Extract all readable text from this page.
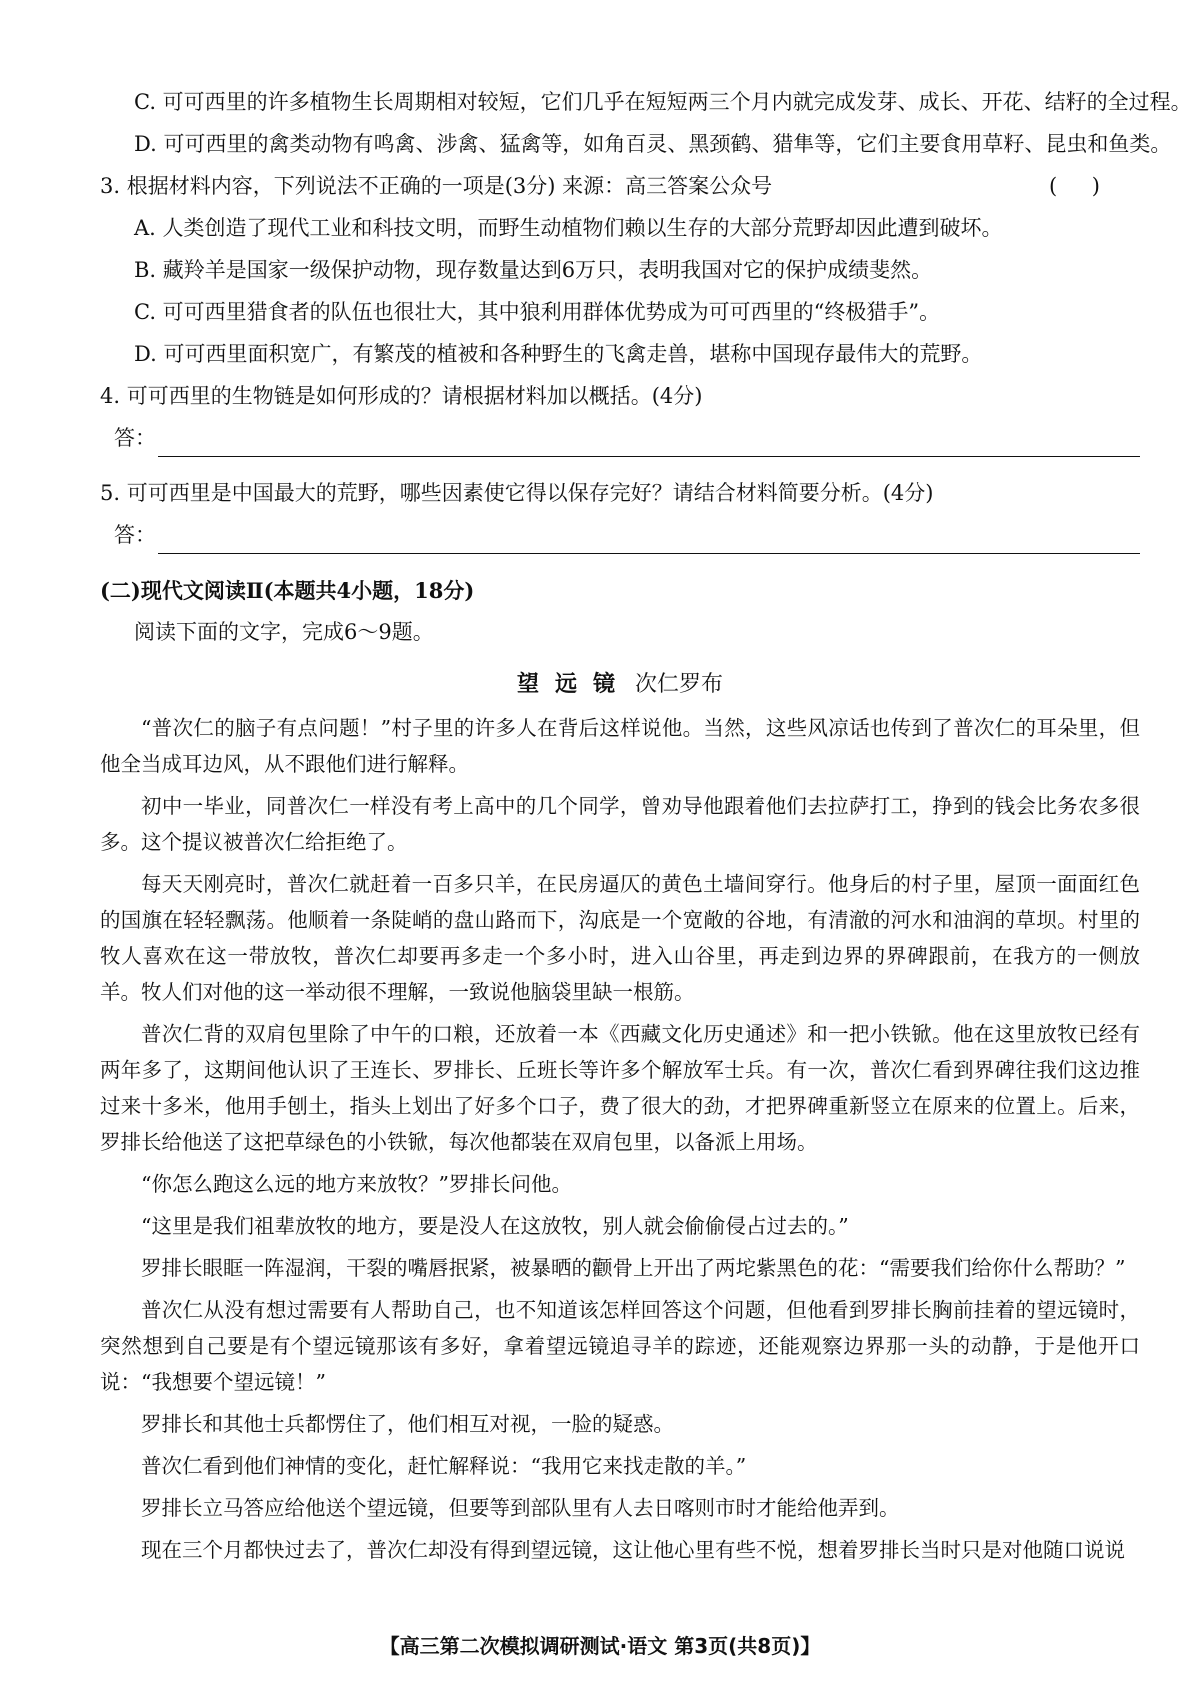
C. 可可西里的许多植物生长周期相对较短，它们几乎在短短两三个月内就完成发芽、成长、开花、结籽的全过程。
D. 可可西里的禽类动物有鸣禽、涉禽、猛禽等，如角百灵、黑颈鹤、猎隼等，它们主要食用草籽、昆虫和鱼类。
3. 根据材料内容，下列说法不正确的一项是(3分) 来源：高三答案公众号	( )
A. 人类创造了现代工业和科技文明，而野生动植物们赖以生存的大部分荒野却因此遭到破坏。
B. 藏羚羊是国家一级保护动物，现存数量达到6万只，表明我国对它的保护成绩斐然。
C. 可可西里猎食者的队伍也很壮大，其中狼利用群体优势成为可可西里的“终极猎手”。
D. 可可西里面积宽广，有繁茂的植被和各种野生的飞禽走兽，堪称中国现存最伟大的荒野。
4. 可可西里的生物链是如何形成的？请根据材料加以概括。(4分)
答：
5. 可可西里是中国最大的荒野，哪些因素使它得以保存完好？请结合材料简要分析。(4分)
答：
(二)现代文阅读Ⅱ(本题共4小题，18分)
阅读下面的文字，完成6～9题。
望远镜 次仁罗布

“普次仁的脑子有点问题！”村子里的许多人在背后这样说他。当然，这些风凉话也传到了普次仁的耳朵里，但他全当成耳边风，从不跟他们进行解释。

初中一毕业，同普次仁一样没有考上高中的几个同学，曾劝导他跟着他们去拉萨打工，挣到的钱会比务农多很多。这个提议被普次仁给拒绝了。

每天天刚亮时，普次仁就赶着一百多只羊，在民房逼仄的黄色土墙间穿行。他身后的村子里，屋顶一面面红色的国旗在轻轻飘荡。他顺着一条陡峭的盘山路而下，沟底是一个宽敞的谷地，有清澈的河水和油润的草坝。村里的牧人喜欢在这一带放牧，普次仁却要再多走一个多小时，进入山谷里，再走到边界的界碑跟前，在我方的一侧放羊。牧人们对他的这一举动很不理解，一致说他脑袋里缺一根筋。

普次仁背的双肩包里除了中午的口粮，还放着一本《西藏文化历史通述》和一把小铁锨。他在这里放牧已经有两年多了，这期间他认识了王连长、罗排长、丘班长等许多个解放军士兵。有一次，普次仁看到界碑往我们这边推过来十多米，他用手刨土，指头上划出了好多个口子，费了很大的劲，才把界碑重新竖立在原来的位置上。后来，罗排长给他送了这把草绿色的小铁锨，每次他都装在双肩包里，以备派上用场。

“你怎么跑这么远的地方来放牧？”罗排长问他。

“这里是我们祖辈放牧的地方，要是没人在这放牧，别人就会偷偷侵占过去的。”

罗排长眼眶一阵湿润，干裂的嘴唇抿紧，被暴晒的颧骨上开出了两坨紫黑色的花：“需要我们给你什么帮助？”

普次仁从没有想过需要有人帮助自己，也不知道该怎样回答这个问题，但他看到罗排长胸前挂着的望远镜时，突然想到自己要是有个望远镜那该有多好，拿着望远镜追寻羊的踪迹，还能观察边界那一头的动静，于是他开口说：“我想要个望远镜！”

罗排长和其他士兵都愣住了，他们相互对视，一脸的疑惑。

普次仁看到他们神情的变化，赶忙解释说：“我用它来找走散的羊。”

罗排长立马答应给他送个望远镜，但要等到部队里有人去日喀则市时才能给他弄到。

现在三个月都快过去了，普次仁却没有得到望远镜，这让他心里有些不悦，想着罗排长当时只是对他随口说说

【高三第二次模拟调研测试·语文 第3页(共8页)】
